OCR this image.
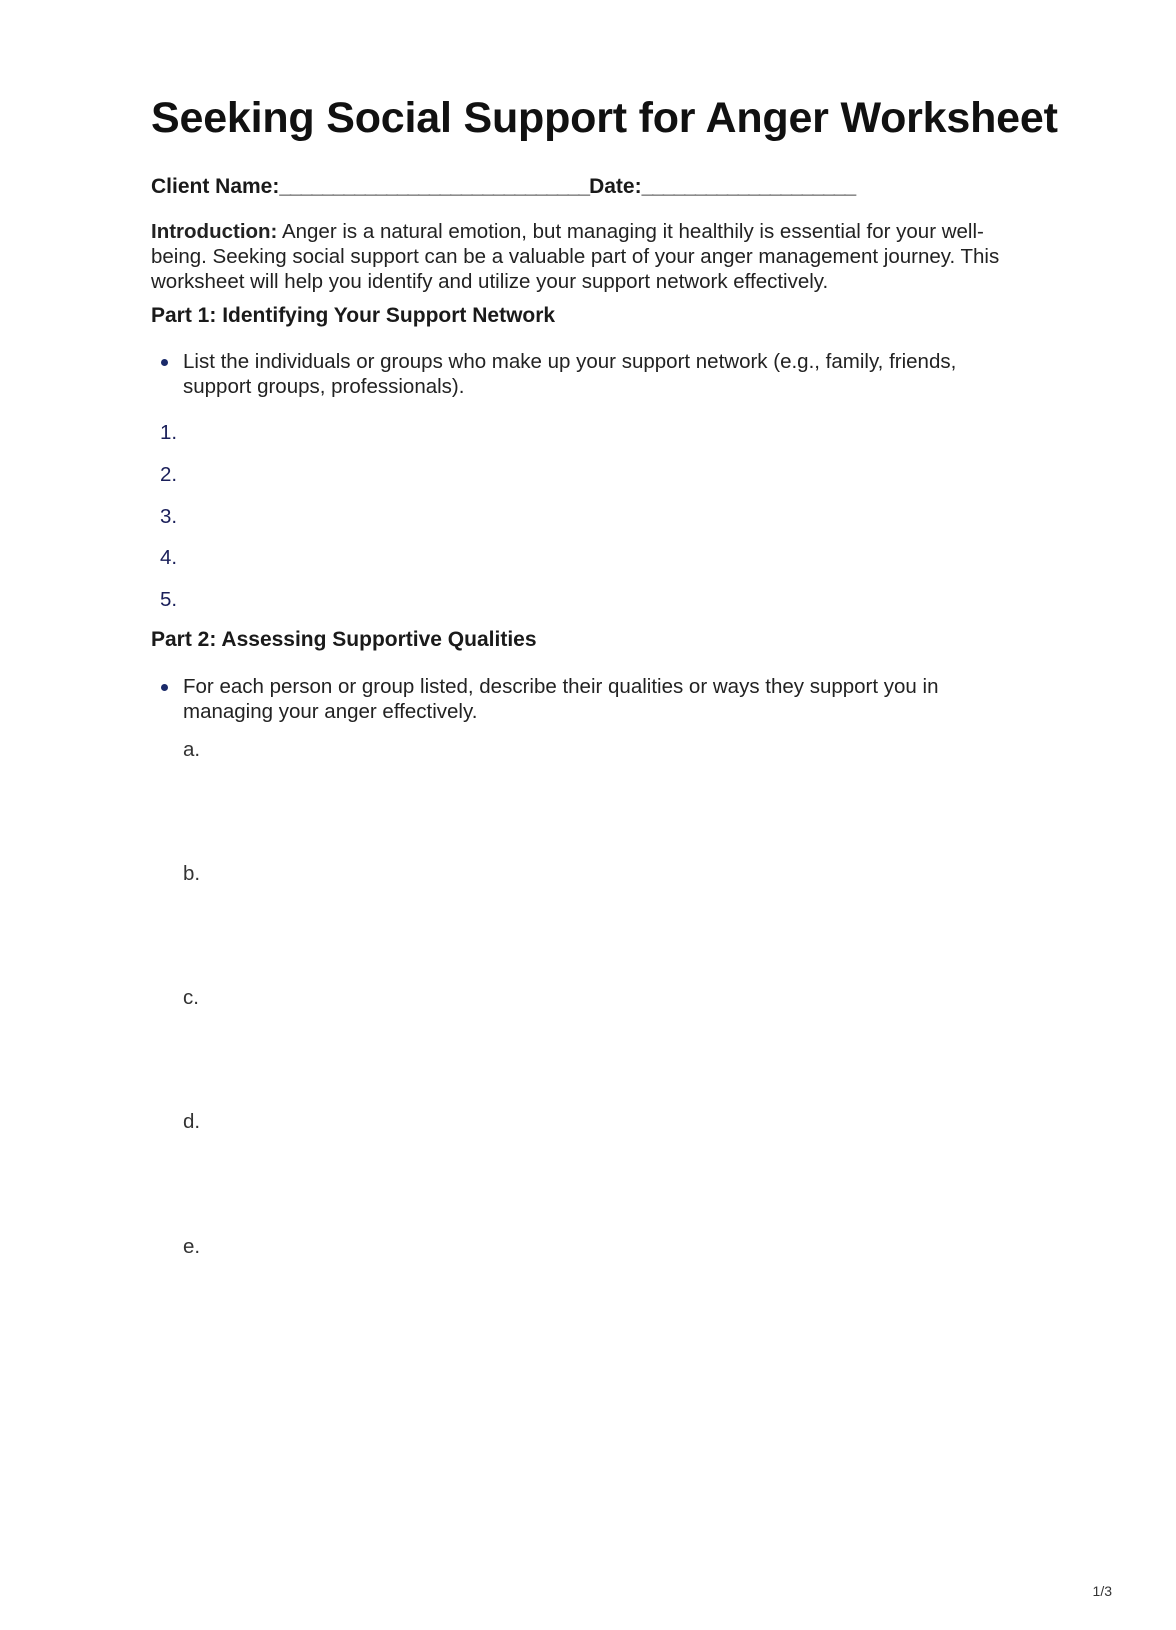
Seeking Social Support for Anger Worksheet
Client Name:_____________________________Date:____________________

Introduction: Anger is a natural emotion, but managing it healthily is essential for your well-being. Seeking social support can be a valuable part of your anger management journey. This worksheet will help you identify and utilize your support network effectively.

Part 1: Identifying Your Support Network
List the individuals or groups who make up your support network (e.g., family, friends, support groups, professionals).
1.
2.
3.
4.
5.
Part 2: Assessing Supportive Qualities
For each person or group listed, describe their qualities or ways they support you in managing your anger effectively.
a.
b.
c.
d.
e.
1/3
